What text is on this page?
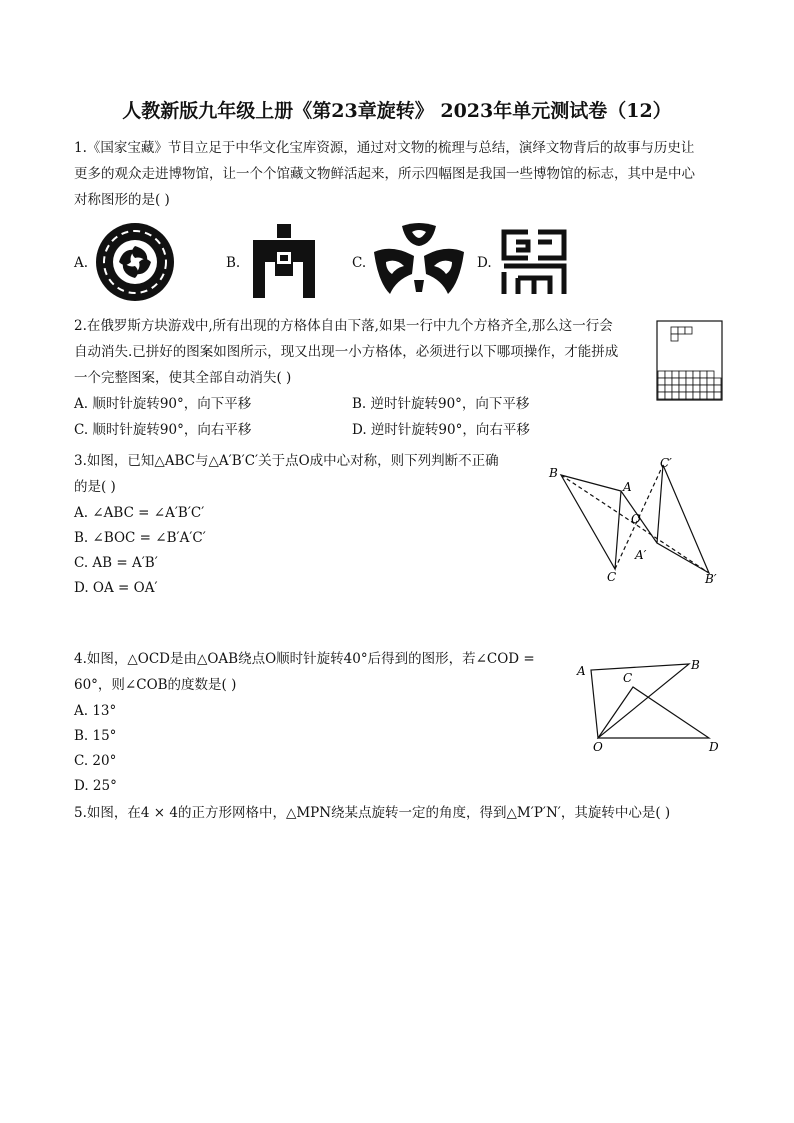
人教新版九年级上册《第23章旋转》 2023年单元测试卷（12）
1.《国家宝藏》节目立足于中华文化宝库资源，通过对文物的梳理与总结，演绎文物背后的故事与历史让
更多的观众走进博物馆，让一个个馆藏文物鲜活起来，所示四幅图是我国一些博物馆的标志，其中是中心
对称图形的是( )
A.	B.	C.	D.
2.在俄罗斯方块游戏中,所有出现的方格体自由下落,如果一行中九个方格齐全,那么这一行会
自动消失.已拼好的图案如图所示，现又出现一小方格体，必须进行以下哪项操作，才能拼成
一个完整图案，使其全部自动消失( )
A. 顺时针旋转90°，向下平移	B. 逆时针旋转90°，向下平移
C. 顺时针旋转90°，向右平移	D. 逆时针旋转90°，向右平移
3.如图，已知△ABC与△A′B′C′关于点O成中心对称，则下列判断不正确
的是( )
A. ∠ABC = ∠A′B′C′
B. ∠BOC = ∠B′A′C′
C. AB = A′B′
D. OA = OA′
B
A
O
C
A′
C′
B′
4.如图，△OCD是由△OAB绕点O顺时针旋转40°后得到的图形，若∠COD =
60°，则∠COB的度数是( )
A. 13°
B. 15°
C. 20°
D. 25°
A	C
B
O	D
5.如图，在4 × 4的正方形网格中，△MPN绕某点旋转一定的角度，得到△M′P′N′，其旋转中心是( )
